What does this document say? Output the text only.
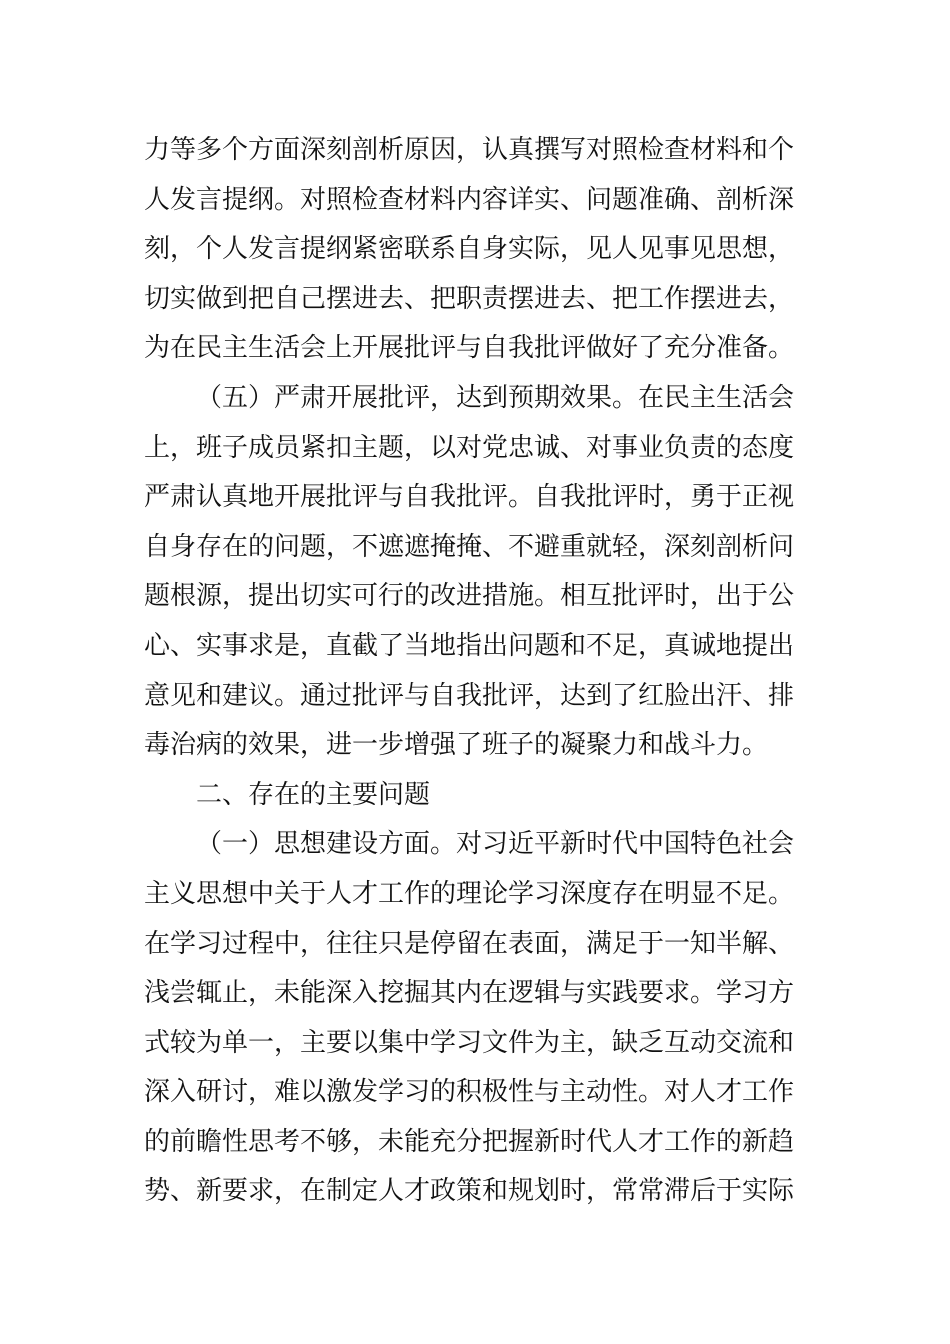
力等多个方面深刻剖析原因，认真撰写对照检查材料和个
人发言提纲。对照检查材料内容详实、问题准确、剖析深
刻，个人发言提纲紧密联系自身实际，见人见事见思想，
切实做到把自己摆进去、把职责摆进去、把工作摆进去，
为在民主生活会上开展批评与自我批评做好了充分准备。
（五）严肃开展批评，达到预期效果。在民主生活会
上，班子成员紧扣主题，以对党忠诚、对事业负责的态度
严肃认真地开展批评与自我批评。自我批评时，勇于正视
自身存在的问题，不遮遮掩掩、不避重就轻，深刻剖析问
题根源，提出切实可行的改进措施。相互批评时，出于公
心、实事求是，直截了当地指出问题和不足，真诚地提出
意见和建议。通过批评与自我批评，达到了红脸出汗、排
毒治病的效果，进一步增强了班子的凝聚力和战斗力。
二、存在的主要问题
（一）思想建设方面。对习近平新时代中国特色社会
主义思想中关于人才工作的理论学习深度存在明显不足。
在学习过程中，往往只是停留在表面，满足于一知半解、
浅尝辄止，未能深入挖掘其内在逻辑与实践要求。学习方
式较为单一，主要以集中学习文件为主，缺乏互动交流和
深入研讨，难以激发学习的积极性与主动性。对人才工作
的前瞻性思考不够，未能充分把握新时代人才工作的新趋
势、新要求，在制定人才政策和规划时，常常滞后于实际
